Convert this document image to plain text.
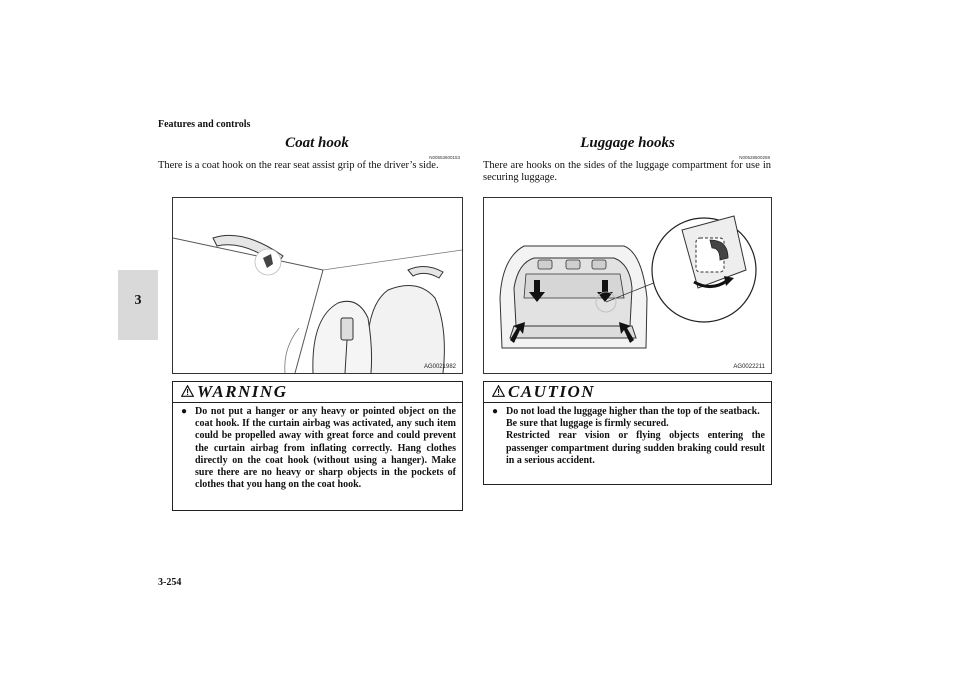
Features and controls
3
Coat hook
N00553600153
There is a coat hook on the rear seat assist grip of the driver’s side.
AG0021982
WARNING
● Do not put a hanger or any heavy or pointed object on the coat hook. If the curtain airbag was activated, any such item could be propelled away with great force and could prevent the curtain airbag from inflating correctly. Hang clothes directly on the coat hook (without using a hanger). Make sure there are no heavy or sharp objects in the pockets of clothes that you hang on the coat hook.
Luggage hooks
N00528500259
There are hooks on the sides of the luggage compartment for use in securing luggage.
AG0022211
CAUTION
● Do not load the luggage higher than the top of the seatback.
Be sure that luggage is firmly secured.
Restricted rear vision or flying objects entering the passenger compartment during sudden braking could result in a serious accident.
3-254
